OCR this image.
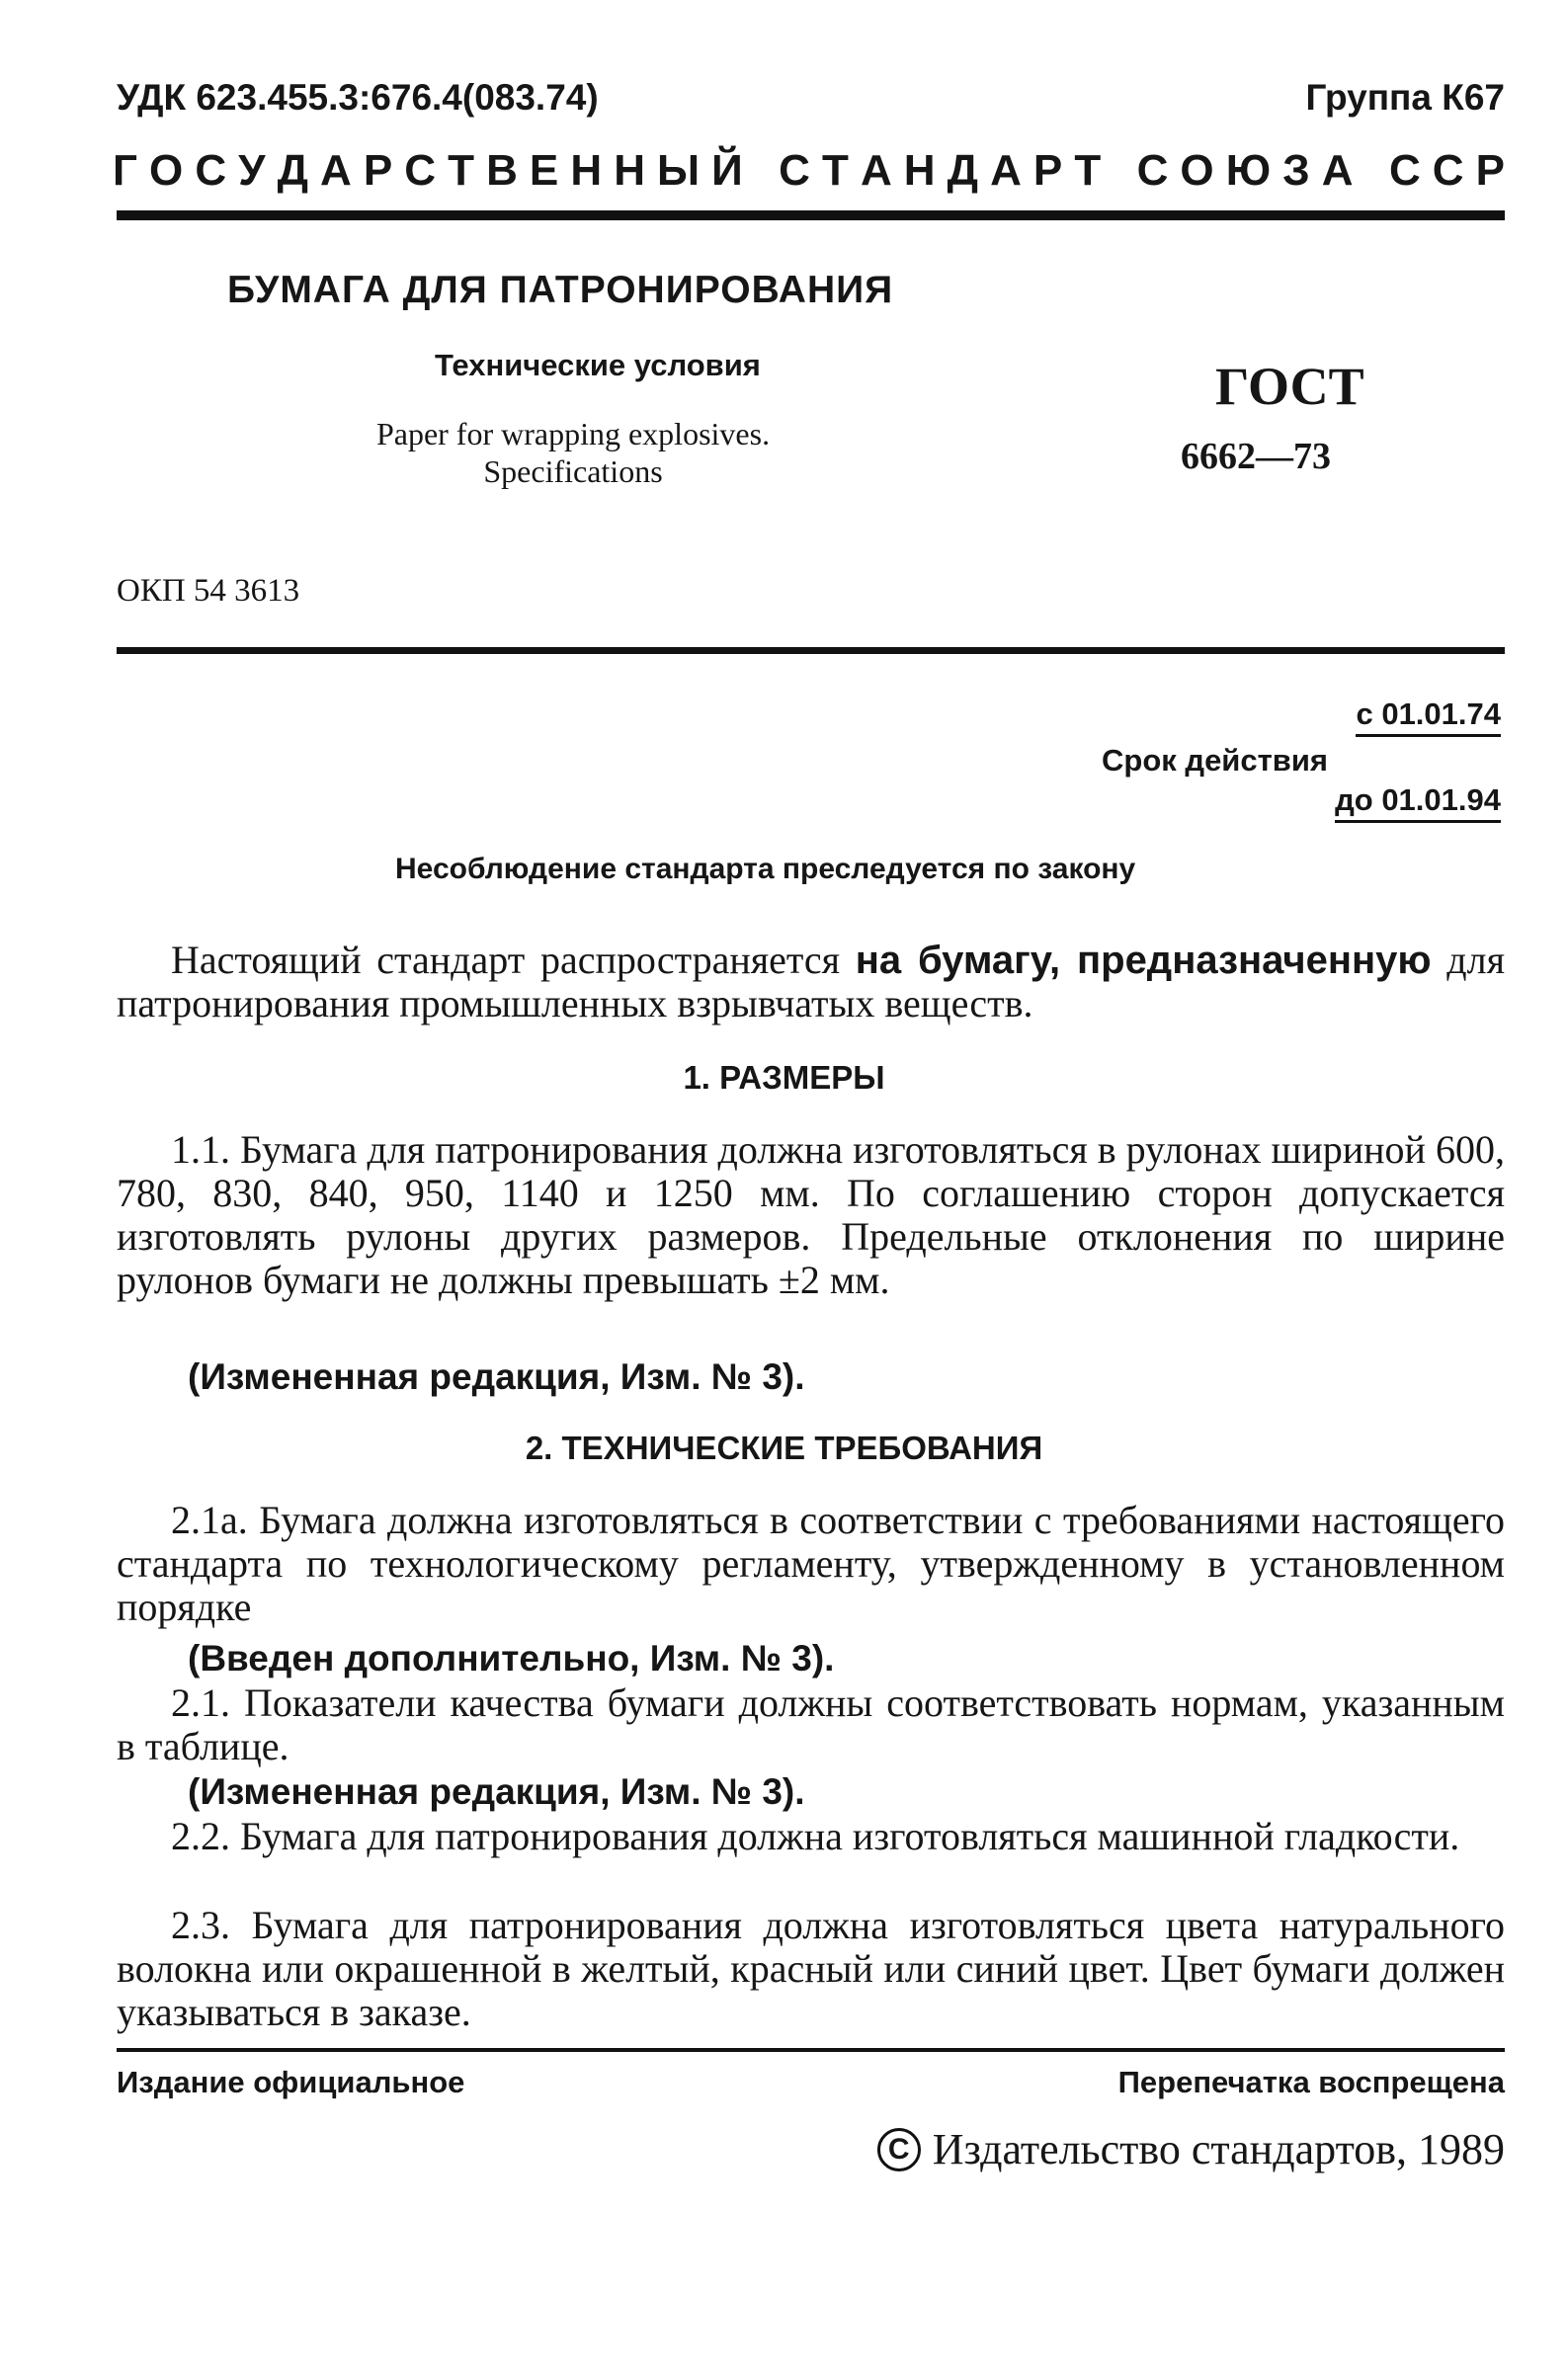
УДК 623.455.3:676.4(083.74)	Группа К67
Г О С У Д А Р С Т В Е Н Н Ы Й
С Т А Н Д А Р Т
С О Ю З А
С С Р
БУМАГА ДЛЯ ПАТРОНИРОВАНИЯ
Технические условия
Paper for wrapping explosives.
Specifications
ГОСТ
6662—73
ОКП 54 3613
с 01.01.74
Срок действия
до 01.01.94
Несоблюдение стандарта преследуется по закону
Настоящий стандарт распространяется на бумагу, предназначенную для патронирования промышленных взрывчатых веществ.
1. РАЗМЕРЫ
1.1. Бумага для патронирования должна изготовляться в рулонах шириной 600, 780, 830, 840, 950, 1140 и 1250 мм. По соглашению сторон допускается изготовлять рулоны других размеров. Предельные отклонения по ширине рулонов бумаги не должны превышать ±2 мм.
(Измененная редакция, Изм. № 3).
2. ТЕХНИЧЕСКИЕ ТРЕБОВАНИЯ
2.1а. Бумага должна изготовляться в соответствии с требованиями настоящего стандарта по технологическому регламенту, утвержденному в установленном порядке
(Введен дополнительно, Изм. № 3).
2.1. Показатели качества бумаги должны соответствовать нормам, указанным в таблице.
(Измененная редакция, Изм. № 3).
2.2. Бумага для патронирования должна изготовляться машинной гладкости.
2.3. Бумага для патронирования должна изготовляться цвета натурального волокна или окрашенной в желтый, красный или синий цвет. Цвет бумаги должен указываться в заказе.
Издание официальное	Перепечатка воспрещена
С Издательство стандартов, 1989
